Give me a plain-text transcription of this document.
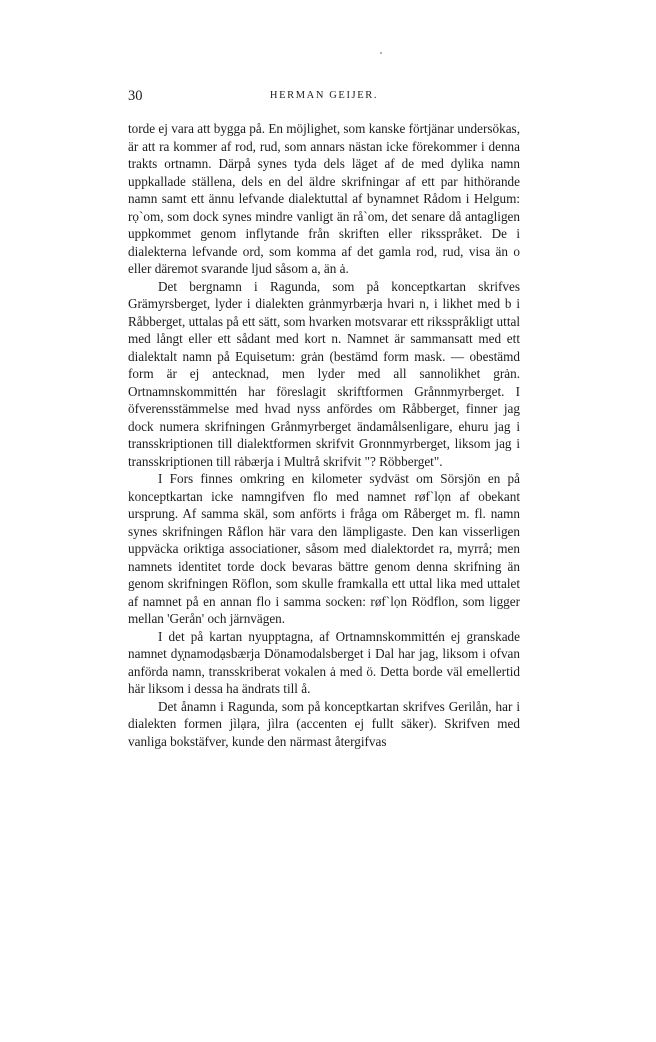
30	HERMAN GEIJER.

torde ej vara att bygga på. En möjlighet, som kanske förtjänar undersökas, är att ra kommer af rod, rud, som annars nästan icke förekommer i denna trakts ortnamn. Därpå synes tyda dels läget af de med dylika namn uppkallade ställena, dels en del äldre skrifningar af ett par hithörande namn samt ett ännu lefvande dialektuttal af bynamnet Rådom i Helgum: rọ`om, som dock synes mindre vanligt än rå`om, det senare då antagligen uppkommet genom inflytande från skriften eller riksspråket. De i dialekterna lefvande ord, som komma af det gamla rod, rud, visa än o eller däremot svarande ljud såsom a, än ȧ.

Det bergnamn i Ragunda, som på konceptkartan skrifves Grämyrsberget, lyder i dialekten grȧnmyrbærja hvari n, i likhet med b i Råbberget, uttalas på ett sätt, som hvarken motsvarar ett riksspråkligt uttal med långt eller ett sådant med kort n. Namnet är sammansatt med ett dialektalt namn på Equisetum: grȧn (bestämd form mask. — obestämd form är ej antecknad, men lyder med all sannolikhet grȧn. Ortnamnskommittén har föreslagit skriftformen Grånnmyrberget. I öfverensstämmelse med hvad nyss anfördes om Råbberget, finner jag dock numera skrifningen Grånmyrberget ändamålsenligare, ehuru jag i transskriptionen till dialektformen skrifvit Gronnmyrberget, liksom jag i transskriptionen till rȧbærja i Multrå skrifvit "? Röbberget".

I Fors finnes omkring en kilometer sydväst om Sörsjön en på konceptkartan icke namngifven flo med namnet røf`lọn af obekant ursprung. Af samma skäl, som anförts i fråga om Råberget m. fl. namn synes skrifningen Råflon här vara den lämpligaste. Den kan visserligen uppväcka oriktiga associationer, såsom med dialektordet ra, myrrå; men namnets identitet torde dock bevaras bättre genom denna skrifning än genom skrifningen Röflon, som skulle framkalla ett uttal lika med uttalet af namnet på en annan flo i samma socken: røf`lọn Rödflon, som ligger mellan 'Gerån' och järnvägen.

I det på kartan nyupptagna, af Ortnamnskommittén ej granskade namnet dy̨namodạsbærja Dönamodalsberget i Dal har jag, liksom i ofvan anförda namn, transskriberat vokalen ȧ med ö. Detta borde väl emellertid här liksom i dessa ha ändrats till å.

Det ånamn i Ragunda, som på konceptkartan skrifves Gerilån, har i dialekten formen jìlạra, jìlra (accenten ej fullt säker). Skrifven med vanliga bokstäfver, kunde den närmast återgifvas
